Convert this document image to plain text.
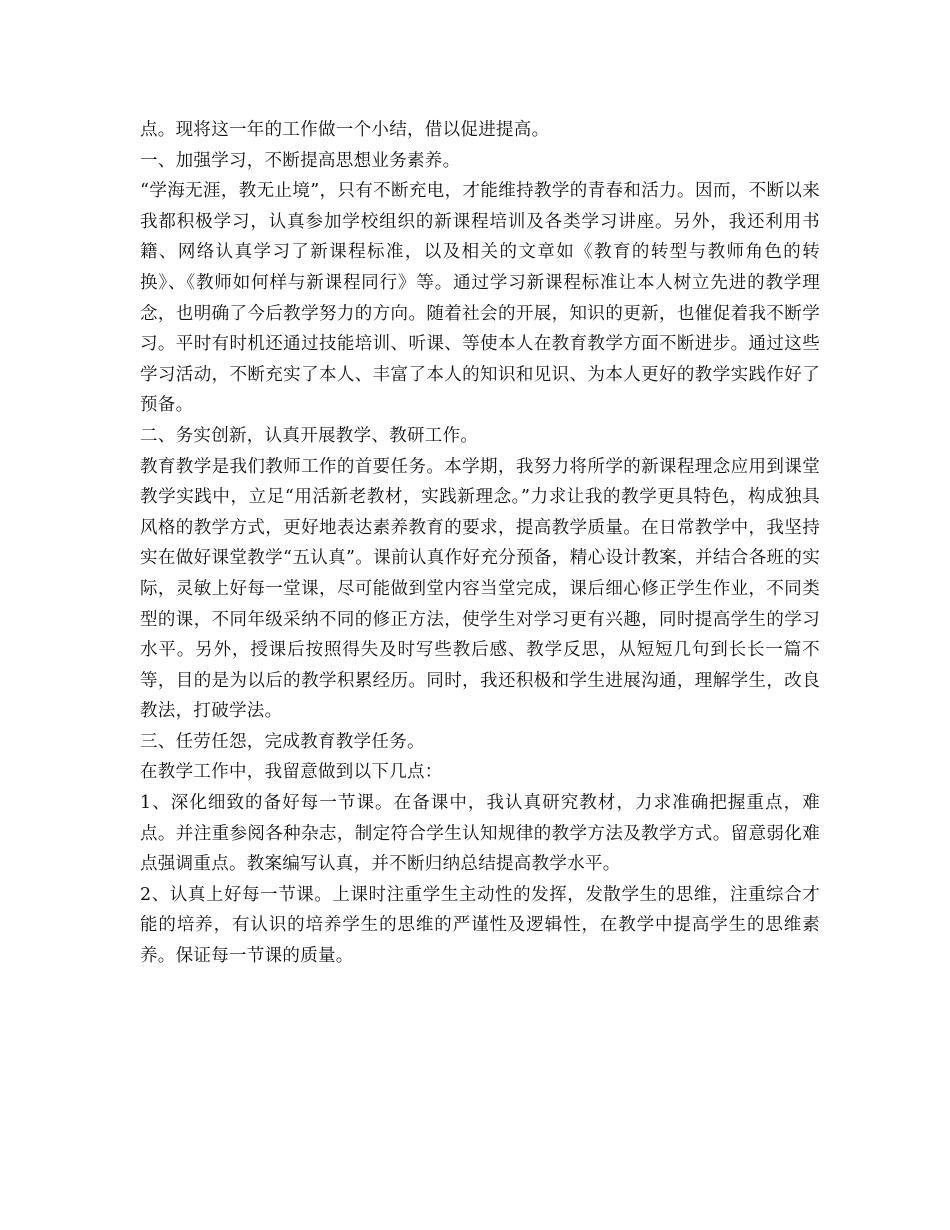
点。现将这一年的工作做一个小结，借以促进提高。

一、加强学习，不断提高思想业务素养。

“学海无涯，教无止境”，只有不断充电，才能维持教学的青春和活力。因而，不断以来我都积极学习，认真参加学校组织的新课程培训及各类学习讲座。另外，我还利用书籍、网络认真学习了新课程标准，以及相关的文章如《教育的转型与教师角色的转换》、《教师如何样与新课程同行》等。通过学习新课程标准让本人树立先进的教学理念，也明确了今后教学努力的方向。随着社会的开展，知识的更新，也催促着我不断学习。平时有时机还通过技能培训、听课、等使本人在教育教学方面不断进步。通过这些学习活动，不断充实了本人、丰富了本人的知识和见识、为本人更好的教学实践作好了预备。

二、务实创新，认真开展教学、教研工作。

教育教学是我们教师工作的首要任务。本学期，我努力将所学的新课程理念应用到课堂教学实践中，立足“用活新老教材，实践新理念。”力求让我的教学更具特色，构成独具风格的教学方式，更好地表达素养教育的要求，提高教学质量。在日常教学中，我坚持实在做好课堂教学“五认真”。课前认真作好充分预备，精心设计教案，并结合各班的实际，灵敏上好每一堂课，尽可能做到堂内容当堂完成，课后细心修正学生作业，不同类型的课，不同年级采纳不同的修正方法，使学生对学习更有兴趣，同时提高学生的学习水平。另外，授课后按照得失及时写些教后感、教学反思，从短短几句到长长一篇不等，目的是为以后的教学积累经历。同时，我还积极和学生进展沟通，理解学生，改良教法，打破学法。

三、任劳任怨，完成教育教学任务。

在教学工作中，我留意做到以下几点：

1、深化细致的备好每一节课。在备课中，我认真研究教材，力求准确把握重点，难点。并注重参阅各种杂志，制定符合学生认知规律的教学方法及教学方式。留意弱化难点强调重点。教案编写认真，并不断归纳总结提高教学水平。

2、认真上好每一节课。上课时注重学生主动性的发挥，发散学生的思维，注重综合才能的培养，有认识的培养学生的思维的严谨性及逻辑性，在教学中提高学生的思维素养。保证每一节课的质量。
